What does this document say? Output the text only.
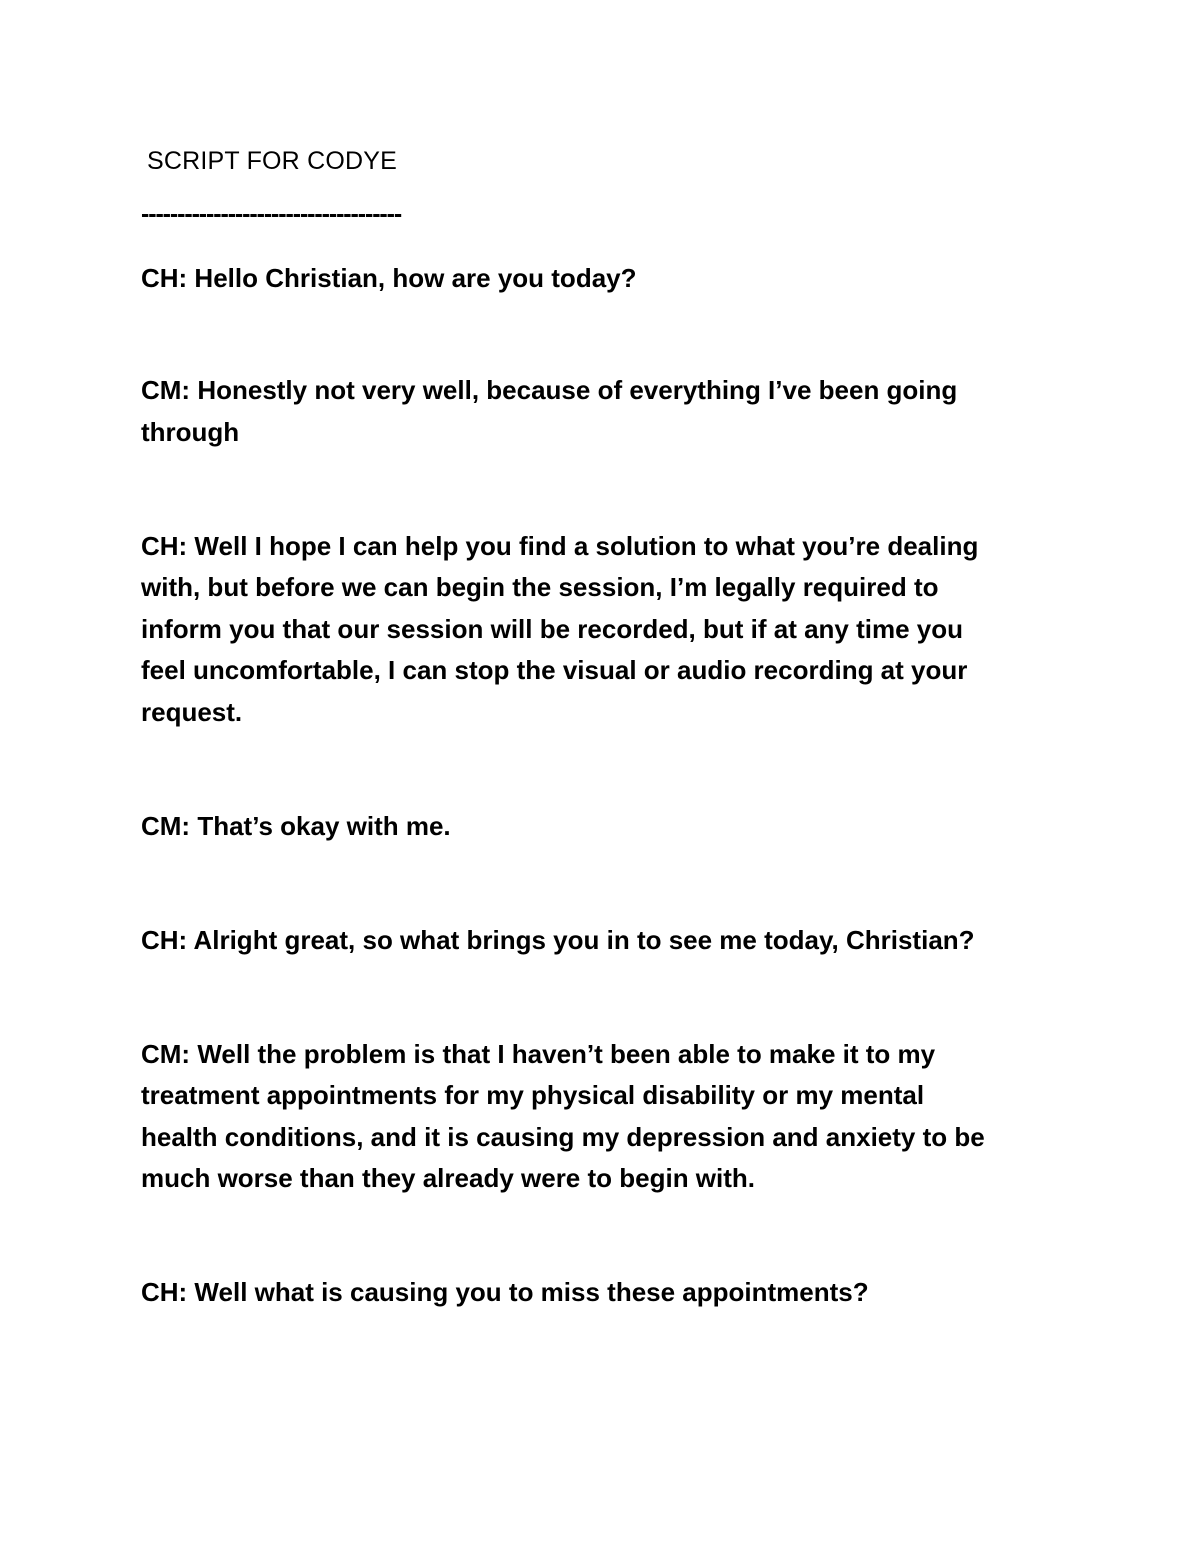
SCRIPT FOR CODYE
------------------------------------
CH: Hello Christian, how are you today?
CM: Honestly not very well, because of everything I’ve been going
through
CH: Well I hope I can help you find a solution to what you’re dealing
with, but before we can begin the session, I’m legally required to
inform you that our session will be recorded, but if at any time you
feel uncomfortable, I can stop the visual or audio recording at your
request.
CM: That’s okay with me.
CH: Alright great, so what brings you in to see me today, Christian?
CM: Well the problem is that I haven’t been able to make it to my
treatment appointments for my physical disability or my mental
health conditions, and it is causing my depression and anxiety to be
much worse than they already were to begin with.
CH: Well what is causing you to miss these appointments?
